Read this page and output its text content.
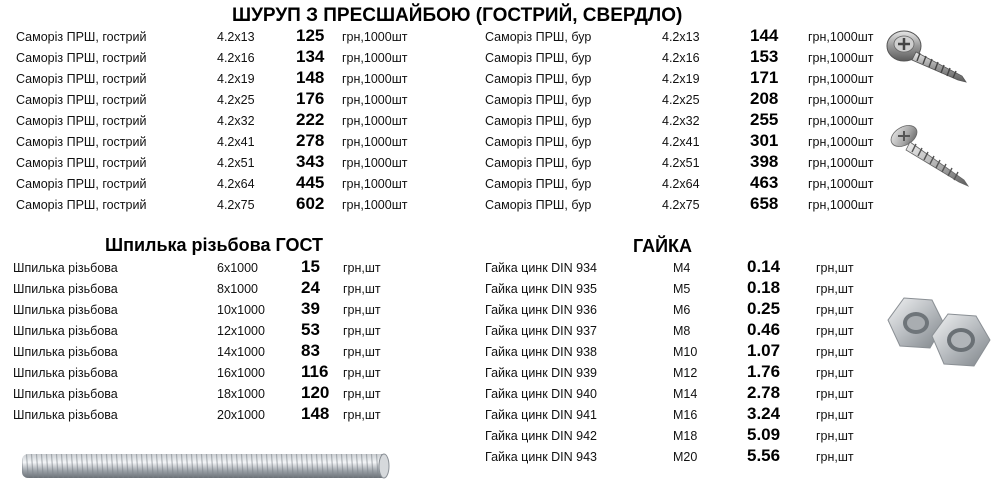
ШУРУП З ПРЕСШАЙБОЮ (ГОСТРИЙ, СВЕРДЛО)
Саморіз ПРШ, гострий	4.2x13 125 грн,1000шт
Саморіз ПРШ, гострий	4.2x16 134 грн,1000шт
Саморіз ПРШ, гострий	4.2x19 148 грн,1000шт
Саморіз ПРШ, гострий	4.2x25 176 грн,1000шт
Саморіз ПРШ, гострий	4.2x32 222 грн,1000шт
Саморіз ПРШ, гострий	4.2x41 278 грн,1000шт
Саморіз ПРШ, гострий	4.2x51 343 грн,1000шт
Саморіз ПРШ, гострий	4.2x64 445 грн,1000шт
Саморіз ПРШ, гострий	4.2x75 602 грн,1000шт
Саморіз ПРШ, бур	4.2x13	144 грн,1000шт
Саморіз ПРШ, бур	4.2x16	153 грн,1000шт
Саморіз ПРШ, бур	4.2x19	171 грн,1000шт
Саморіз ПРШ, бур	4.2x25	208 грн,1000шт
Саморіз ПРШ, бур	4.2x32	255 грн,1000шт
Саморіз ПРШ, бур	4.2x41	301 грн,1000шт
Саморіз ПРШ, бур	4.2x51	398 грн,1000шт
Саморіз ПРШ, бур	4.2x64	463 грн,1000шт
Саморіз ПРШ, бур	4.2x75	658 грн,1000шт
Шпилька різьбова ГОСТ	ГАЙКА
Шпилька різьбова	6x1000	15 грн,шт
Шпилька різьбова	8x1000	24 грн,шт
Шпилька різьбова	10x1000 39 грн,шт
Шпилька різьбова	12x1000 53 грн,шт
Шпилька різьбова	14x1000 83 грн,шт
Шпилька різьбова	16x1000 116 грн,шт
Шпилька різьбова	18x1000 120 грн,шт
Шпилька різьбова	20x1000 148 грн,шт
Гайка цинк DIN 934	M4	0.14	грн,шт
Гайка цинк DIN 935	M5	0.18	грн,шт
Гайка цинк DIN 936	M6	0.25	грн,шт
Гайка цинк DIN 937	M8	0.46	грн,шт
Гайка цинк DIN 938	M10	1.07	грн,шт
Гайка цинк DIN 939	M12	1.76	грн,шт
Гайка цинк DIN 940	M14	2.78	грн,шт
Гайка цинк DIN 941	M16	3.24	грн,шт
Гайка цинк DIN 942	M18	5.09	грн,шт
Гайка цинк DIN 943	M20	5.56	грн,шт
